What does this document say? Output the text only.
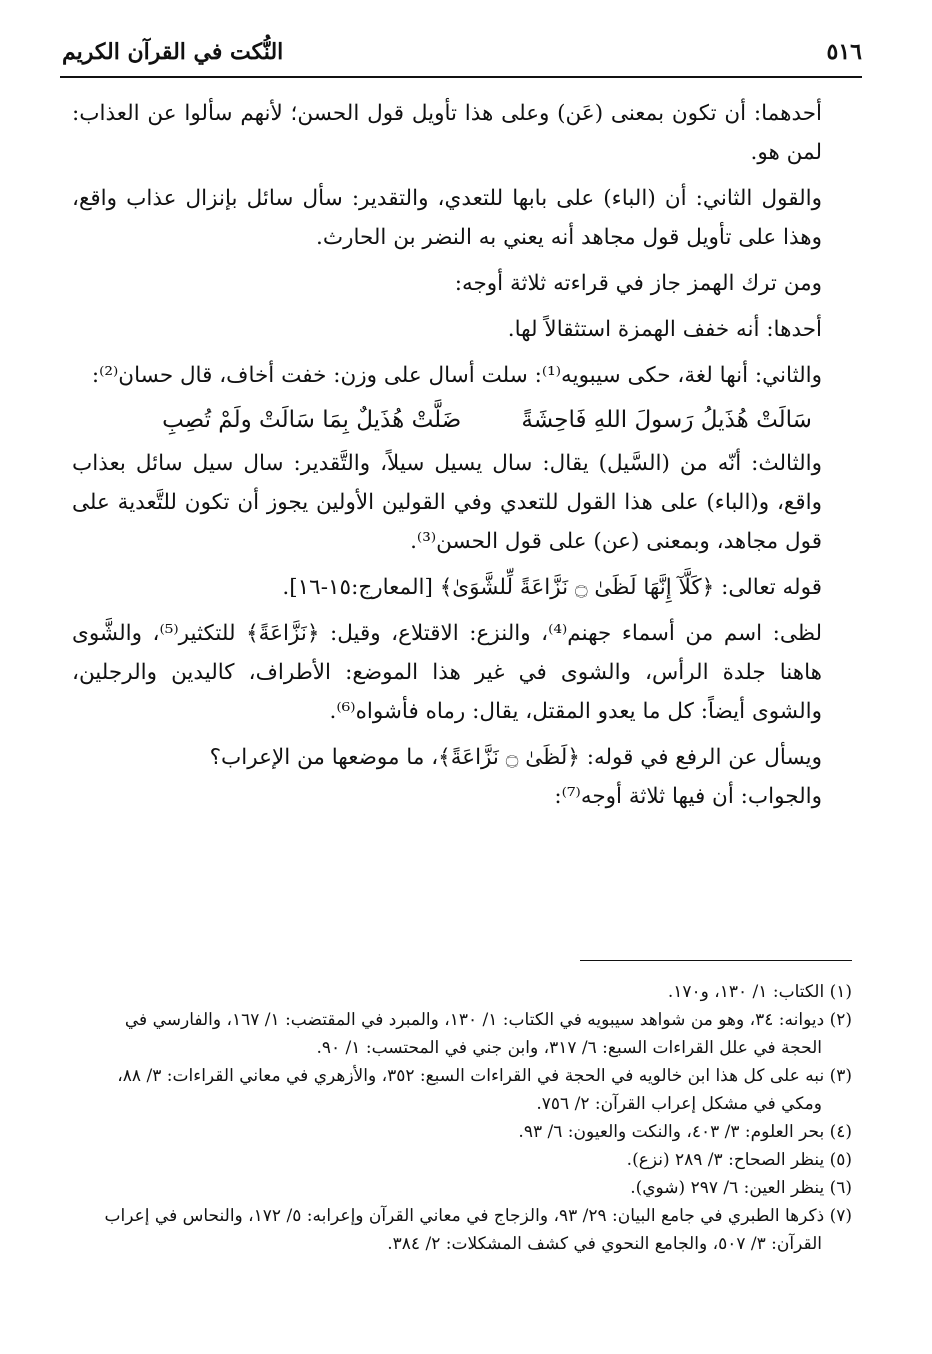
٥١٦
النُّكت في القرآن الكريم

أحدهما: أن تكون بمعنى (عَن) وعلى هذا تأويل قول الحسن؛ لأنهم سألوا عن العذاب: لمن هو.

والقول الثاني: أن (الباء) على بابها للتعدي، والتقدير: سأل سائل بإنزال عذاب واقع، وهذا على تأويل قول مجاهد أنه يعني به النضر بن الحارث.

ومن ترك الهمز جاز في قراءته ثلاثة أوجه:

أحدها: أنه خفف الهمزة استثقالاً لها.

والثاني: أنها لغة، حكى سيبويه⁽¹⁾: سلت أسال على وزن: خفت أخاف، قال حسان⁽²⁾:

سَالَتْ هُذَيلُ رَسولَ اللهِ فَاحِشَةً
ضَلَّتْ هُذَيلٌ بِمَا سَالَتْ ولَمْ تُصِبِ

والثالث: أنّه من (السَّيل) يقال: سال يسيل سيلاً، والتَّقدير: سال سيل سائل بعذاب واقع، و(الباء) على هذا القول للتعدي وفي القولين الأولين يجوز أن تكون للتَّعدية على قول مجاهد، وبمعنى (عن) على قول الحسن⁽³⁾.

قوله تعالى: ﴿كَلَّآ إِنَّهَا لَظَىٰ ۝ نَزَّاعَةً لِّلشَّوَىٰ﴾ [المعارج:١٥-١٦].

لظى: اسم من أسماء جهنم⁽⁴⁾، والنزع: الاقتلاع، وقيل: ﴿نَزَّاعَةً﴾ للتكثير⁽⁵⁾، والشَّوى هاهنا جلدة الرأس، والشوى في غير هذا الموضع: الأطراف، كاليدين والرجلين، والشوى أيضاً: كل ما يعدو المقتل، يقال: رماه فأشواه⁽⁶⁾.

ويسأل عن الرفع في قوله: ﴿لَظَىٰ ۝ نَزَّاعَةً﴾، ما موضعها من الإعراب؟

والجواب: أن فيها ثلاثة أوجه⁽⁷⁾:

(١) الكتاب: ١/ ١٣٠، و١٧٠.

(٢) ديوانه: ٣٤، وهو من شواهد سيبويه في الكتاب: ١/ ١٣٠، والمبرد في المقتضب: ١/ ١٦٧، والفارسي في

الحجة في علل القراءات السبع: ٦/ ٣١٧، وابن جني في المحتسب: ١/ ٩٠.

(٣) نبه على كل هذا ابن خالويه في الحجة في القراءات السبع: ٣٥٢، والأزهري في معاني القراءات: ٣/ ٨٨،

ومكي في مشكل إعراب القرآن: ٢/ ٧٥٦.

(٤) بحر العلوم: ٣/ ٤٠٣، والنكت والعيون: ٦/ ٩٣.

(٥) ينظر الصحاح: ٣/ ٢٨٩ (نزع).

(٦) ينظر العين: ٦/ ٢٩٧ (شوي).

(٧) ذكرها الطبري في جامع البيان: ٢٩/ ٩٣، والزجاج في معاني القرآن وإعرابه: ٥/ ١٧٢، والنحاس في إعراب

القرآن: ٣/ ٥٠٧، والجامع النحوي في كشف المشكلات: ٢/ ٣٨٤.
